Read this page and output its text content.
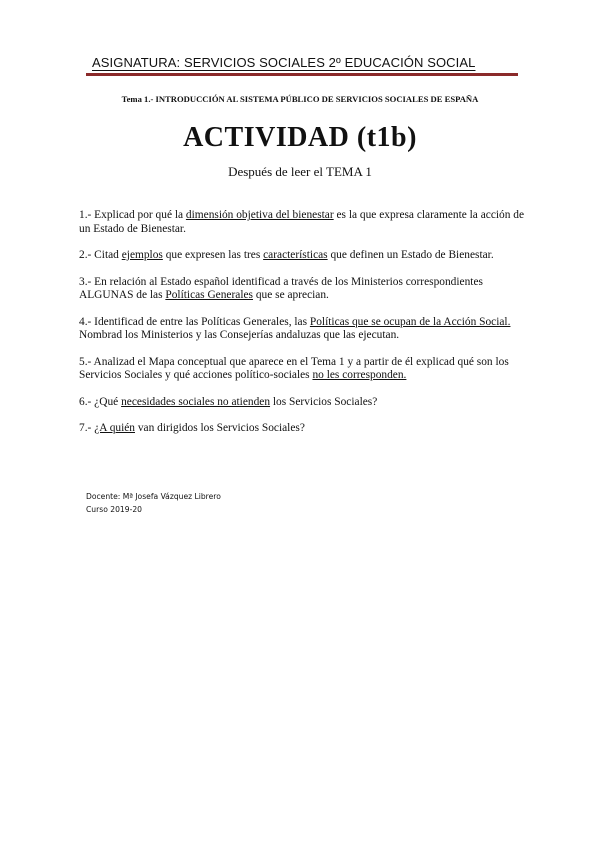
ASIGNATURA: SERVICIOS SOCIALES 2º EDUCACIÓN SOCIAL
Tema 1.- INTRODUCCIÓN AL SISTEMA PÚBLICO DE SERVICIOS SOCIALES DE ESPAÑA
ACTIVIDAD (t1b)
Después de leer el TEMA 1

1.- Explicad por qué la dimensión objetiva del bienestar es la que expresa claramente la acción de un Estado de Bienestar.

2.- Citad ejemplos que expresen las tres características que definen un Estado de Bienestar.

3.- En relación al Estado español identificad a través de los Ministerios correspondientes ALGUNAS de las Políticas Generales que se aprecian.

4.- Identificad de entre las Políticas Generales, las Políticas que se ocupan de la Acción Social. Nombrad los Ministerios y las Consejerías andaluzas que las ejecutan.

5.- Analizad el Mapa conceptual que aparece en el Tema 1 y a partir de él explicad qué son los Servicios Sociales y qué acciones político-sociales no les corresponden.

6.- ¿Qué necesidades sociales no atienden los Servicios Sociales?

7.- ¿A quién van dirigidos los Servicios Sociales?

Docente: Mª Josefa Vázquez Librero
Curso 2019-20
